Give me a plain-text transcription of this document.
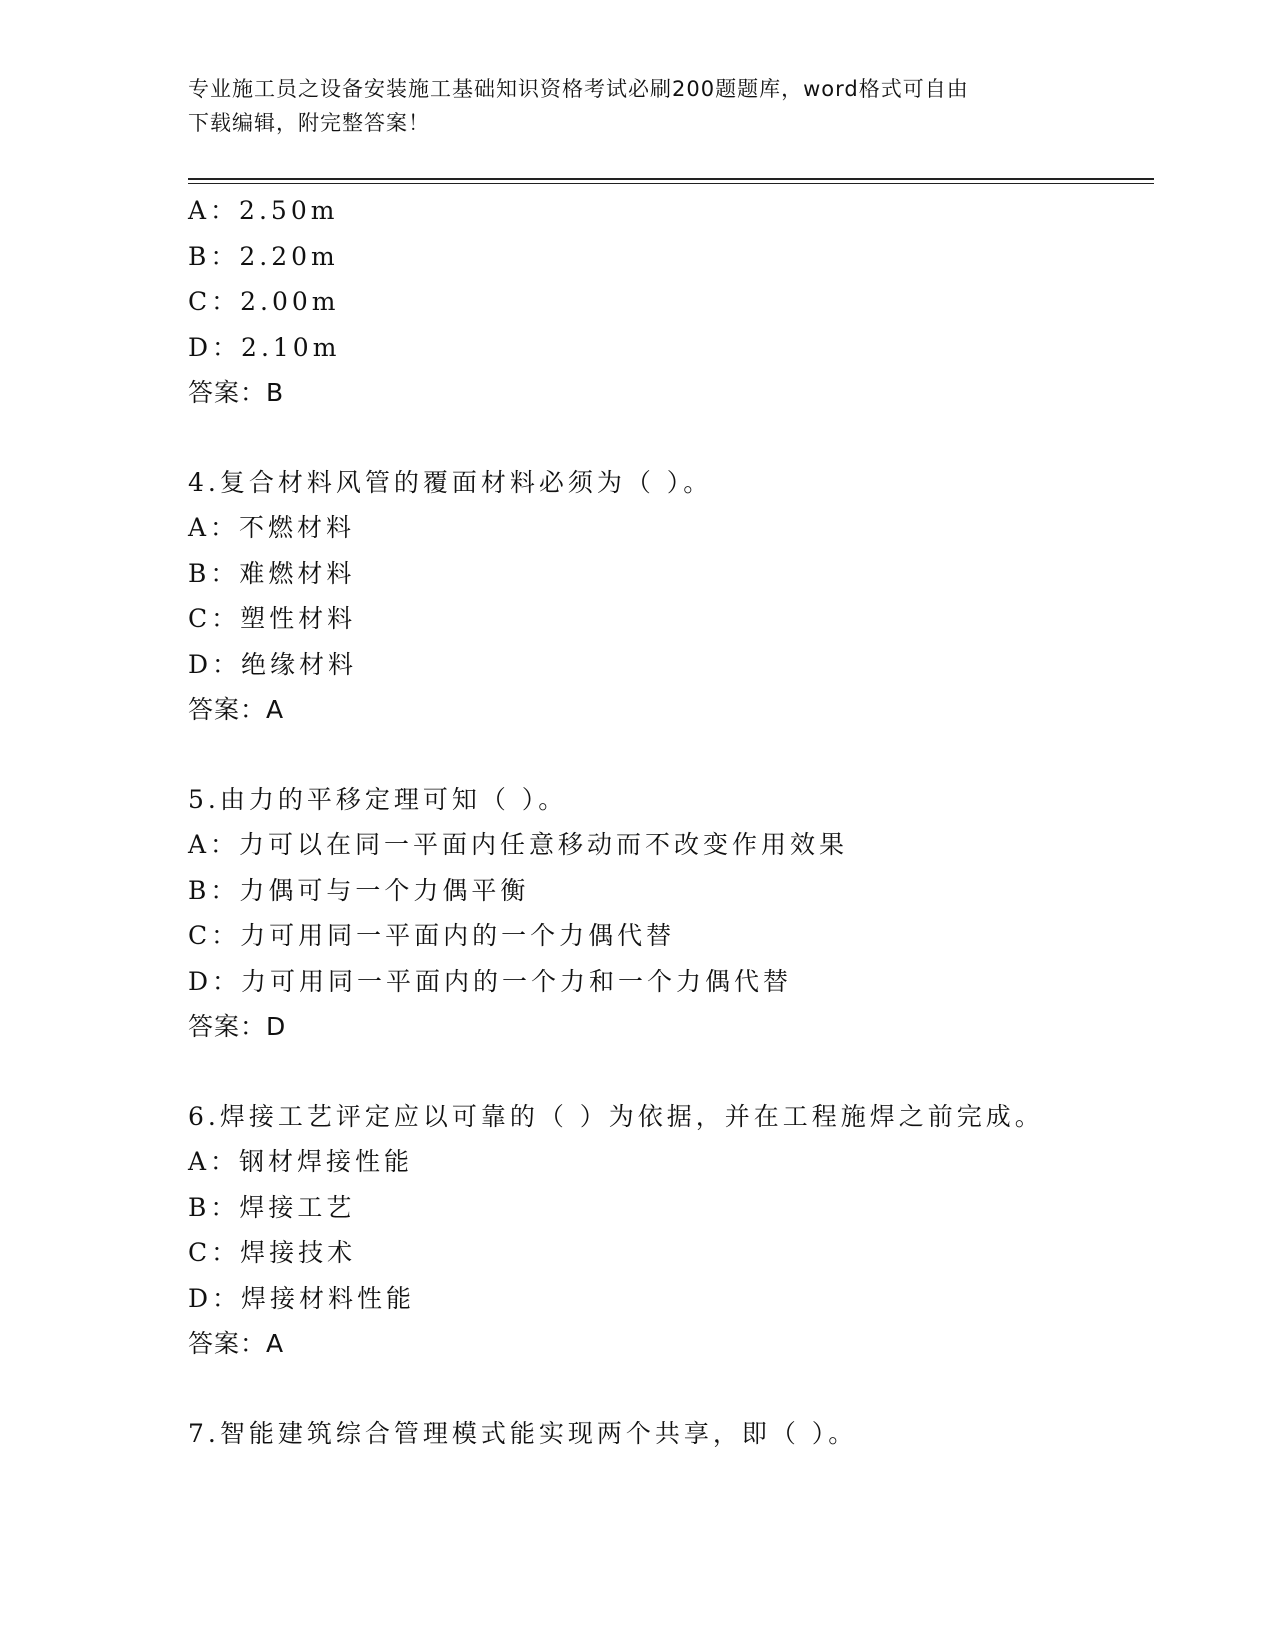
专业施工员之设备安装施工基础知识资格考试必刷200题题库，word格式可自由
下载编辑，附完整答案！
A：2.50m
B：2.20m
C：2.00m
D：2.10m
答案：B
4.复合材料风管的覆面材料必须为（ ）。
A：不燃材料
B：难燃材料
C：塑性材料
D：绝缘材料
答案：A
5.由力的平移定理可知（ ）。
A：力可以在同一平面内任意移动而不改变作用效果
B：力偶可与一个力偶平衡
C：力可用同一平面内的一个力偶代替
D：力可用同一平面内的一个力和一个力偶代替
答案：D
6.焊接工艺评定应以可靠的（ ）为依据，并在工程施焊之前完成。
A：钢材焊接性能
B：焊接工艺
C：焊接技术
D：焊接材料性能
答案：A
7.智能建筑综合管理模式能实现两个共享，即（ ）。
